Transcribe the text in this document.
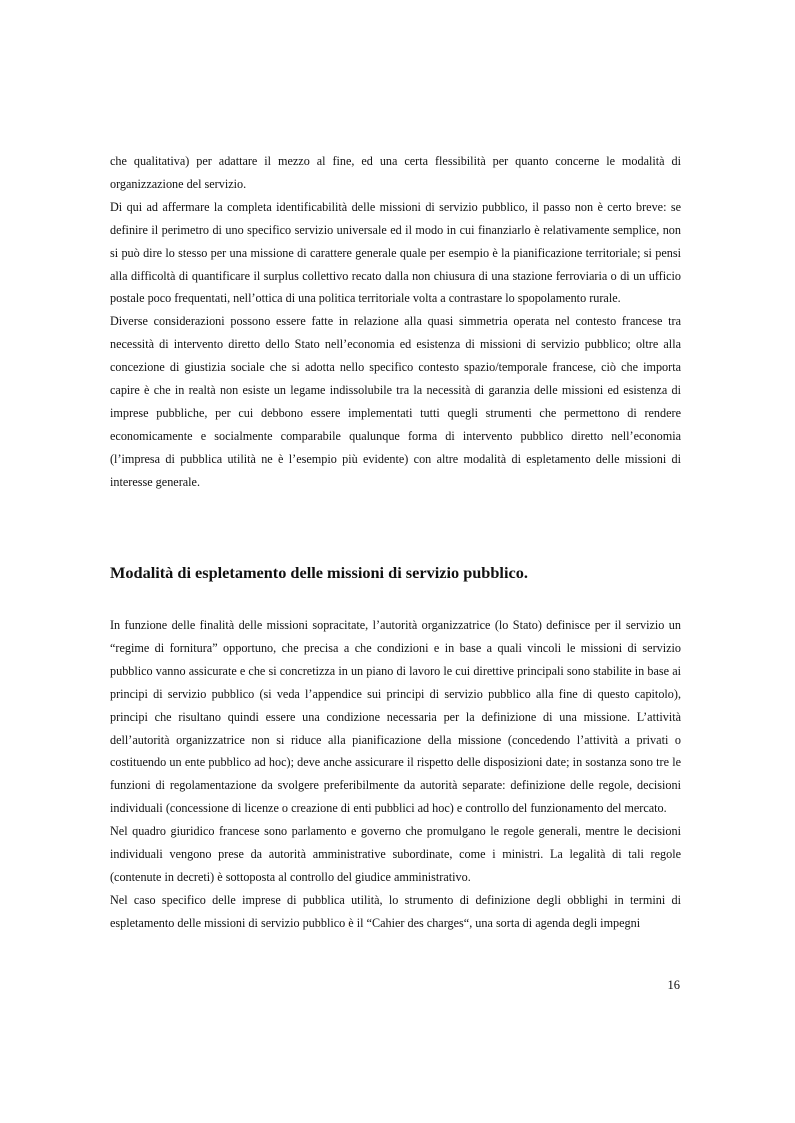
che qualitativa) per adattare il mezzo al fine, ed una certa flessibilità per quanto concerne le modalità di organizzazione del servizio.

Di qui ad affermare la completa identificabilità delle missioni di servizio pubblico, il passo non è certo breve: se definire il perimetro di uno specifico servizio universale ed il modo in cui finanziarlo è relativamente semplice, non si può dire lo stesso per una missione di carattere generale quale per esempio è la pianificazione territoriale; si pensi alla difficoltà di quantificare il surplus collettivo recato dalla non chiusura di una stazione ferroviaria o di un ufficio postale poco frequentati, nell’ottica di una politica territoriale volta a contrastare lo spopolamento rurale.

Diverse considerazioni possono essere fatte in relazione alla quasi simmetria operata nel contesto francese tra necessità di intervento diretto dello Stato nell’economia ed esistenza di missioni di servizio pubblico; oltre alla concezione di giustizia sociale che si adotta nello specifico contesto spazio/temporale francese, ciò che importa capire è che in realtà non esiste un legame indissolubile tra la necessità di garanzia delle missioni ed esistenza di imprese pubbliche, per cui debbono essere implementati tutti quegli strumenti che permettono di rendere economicamente e socialmente comparabile qualunque forma di intervento pubblico diretto nell’economia (l’impresa di pubblica utilità ne è l’esempio più evidente) con altre modalità di espletamento delle missioni di interesse generale.

Modalità di espletamento delle missioni di servizio pubblico.

In funzione delle finalità delle missioni sopracitate, l’autorità organizzatrice (lo Stato) definisce per il servizio un “regime di fornitura” opportuno, che precisa a che condizioni e in base a quali vincoli le missioni di servizio pubblico vanno assicurate e che si concretizza in un piano di lavoro le cui direttive principali sono stabilite in base ai principi di servizio pubblico (si veda l’appendice sui principi di servizio pubblico alla fine di questo capitolo), principi che risultano quindi essere una condizione necessaria per la definizione di una missione. L’attività dell’autorità organizzatrice non si riduce alla pianificazione della missione (concedendo l’attività a privati o costituendo un ente pubblico ad hoc); deve anche assicurare il rispetto delle disposizioni date; in sostanza sono tre le funzioni di regolamentazione da svolgere preferibilmente da autorità separate: definizione delle regole, decisioni individuali (concessione di licenze o creazione di enti pubblici ad hoc) e controllo del funzionamento del mercato.

Nel quadro giuridico francese sono parlamento e governo che promulgano le regole generali, mentre le decisioni individuali vengono prese da autorità amministrative subordinate, come i ministri. La legalità di tali regole (contenute in decreti) è sottoposta al controllo del giudice amministrativo.

Nel caso specifico delle imprese di pubblica utilità, lo strumento di definizione degli obblighi in termini di espletamento delle missioni di servizio pubblico è il “Cahier des charges“, una sorta di agenda degli impegni

16
